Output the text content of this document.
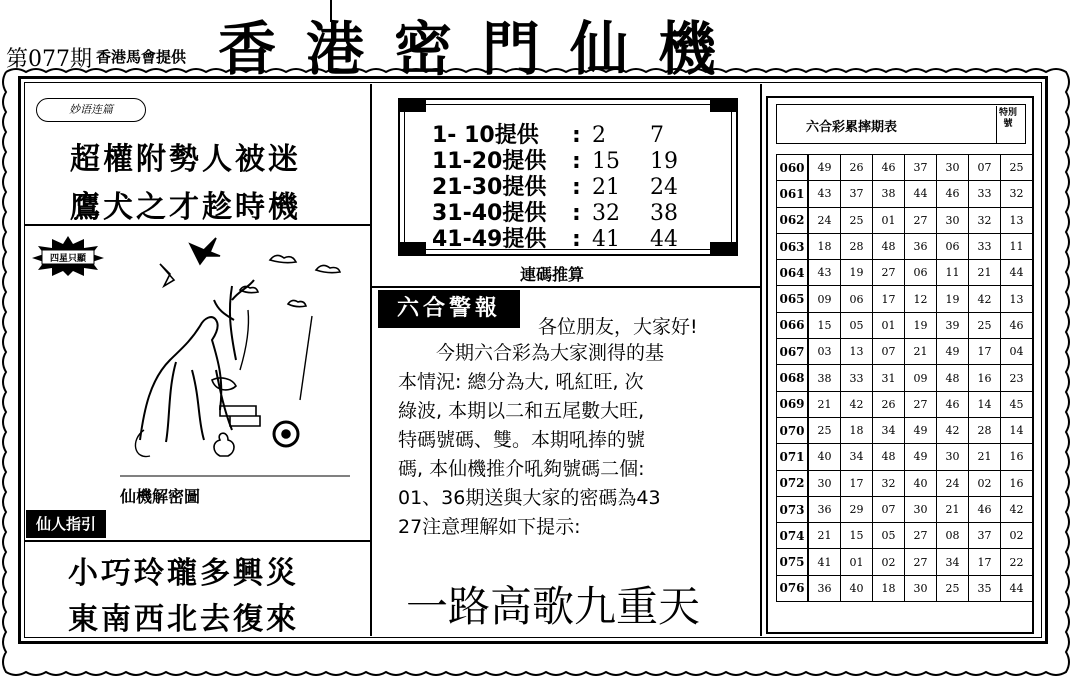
第077期 香港馬會提供 香港密門仙機
妙语连篇
超權附勢人被迷
鷹犬之才趁時機
四星只顯
仙機解密圖
仙人指引
小巧玲瓏多興災
東南西北去復來
1- 10提供 : 2 7
11-20提供 : 15 19
21-30提供 : 21 24
31-40提供 : 32 38
41-49提供 : 41 44
連碼推算
六合警報
各位朋友，大家好!
　　今期六合彩為大家測得的基
本情況: 總分為大, 吼紅旺, 次
綠波, 本期以二和五尾數大旺,
特碼號碼、雙。本期吼捧的號
碼, 本仙機推介吼夠號碼二個:
01、36期送與大家的密碼為43
27注意理解如下提示:
一路高歌九重天
六合彩累摔期表
特別號
060	49	26	46	37	30	07	25
061	43	37	38	44	46	33	32
062	24	25	01	27	30	32	13
063	18	28	48	36	06	33	11
064	43	19	27	06	11	21	44
065	09	06	17	12	19	42	13
066	15	05	01	19	39	25	46
067	03	13	07	21	49	17	04
068	38	33	31	09	48	16	23
069	21	42	26	27	46	14	45
070	25	18	34	49	42	28	14
071	40	34	48	49	30	21	16
072	30	17	32	40	24	02	16
073	36	29	07	30	21	46	42
074	21	15	05	27	08	37	02
075	41	01	02	27	34	17	22
076	36	40	18	30	25	35	44
